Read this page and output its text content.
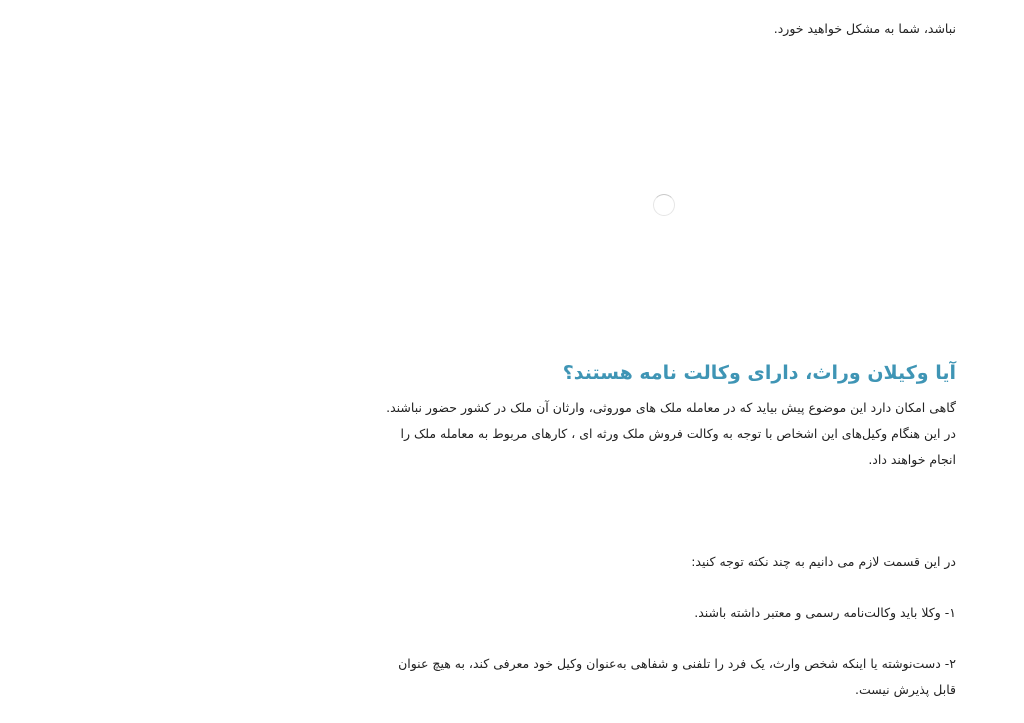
نباشد، شما به مشکل خواهید خورد.

آیا وکیلان وراث، دارای وکالت نامه هستند؟

گاهی امکان دارد این موضوع پیش بیاید که در معامله ملک های موروثی، وارثان آن ملک در کشور حضور نباشند. در این هنگام وکیل‌های این اشخاص با توجه به وکالت فروش ملک ورثه ای ، کارهای مربوط به معامله ملک را انجام خواهند داد.

در این قسمت لازم می دانیم به چند نکته توجه کنید:

۱- وکلا باید وکالت‌نامه رسمی و معتبر داشته باشند.

۲- دست‌نوشته یا اینکه شخص وارث، یک فرد را تلفنی و شفاهی به‌عنوان وکیل خود معرفی کند، به هیچ عنوان قابل پذیرش نیست.
